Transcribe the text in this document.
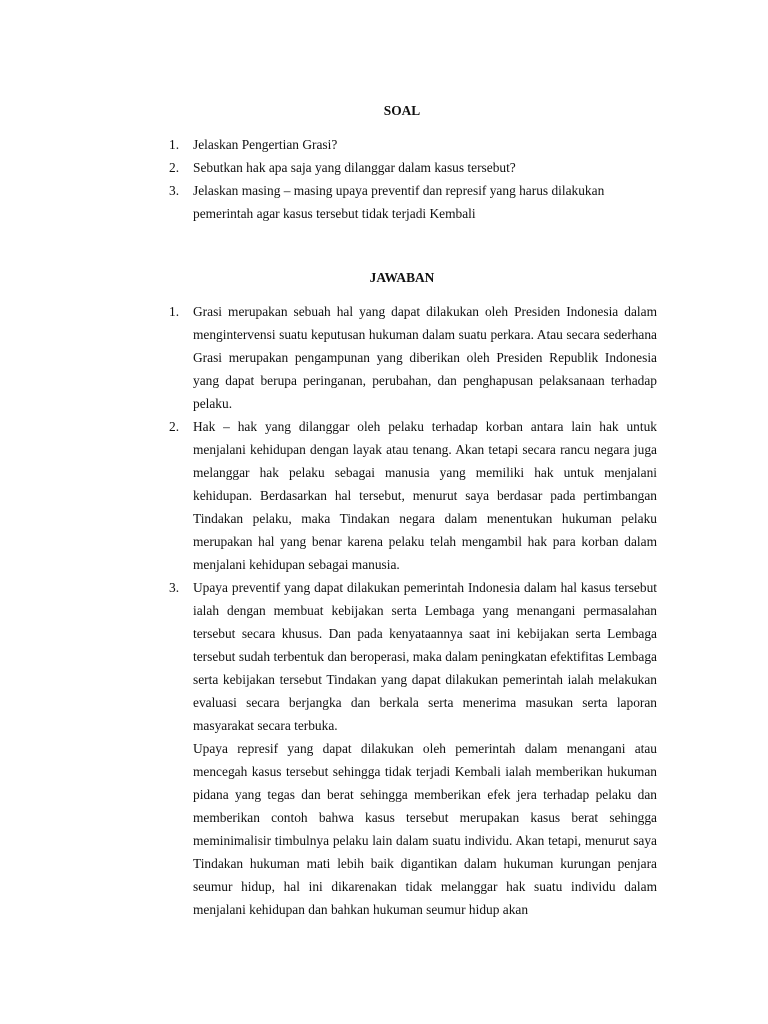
SOAL
1.	Jelaskan Pengertian Grasi?
2.	Sebutkan hak apa saja yang dilanggar dalam kasus tersebut?
3.	Jelaskan masing – masing upaya preventif dan represif yang harus dilakukan pemerintah agar kasus tersebut tidak terjadi Kembali
JAWABAN
1.	Grasi merupakan sebuah hal yang dapat dilakukan oleh Presiden Indonesia dalam mengintervensi suatu keputusan hukuman dalam suatu perkara. Atau secara sederhana Grasi merupakan pengampunan yang diberikan oleh Presiden Republik Indonesia yang dapat berupa peringanan, perubahan, dan penghapusan pelaksanaan terhadap pelaku.
2.	Hak – hak yang dilanggar oleh pelaku terhadap korban antara lain hak untuk menjalani kehidupan dengan layak atau tenang. Akan tetapi secara rancu negara juga melanggar hak pelaku sebagai manusia yang memiliki hak untuk menjalani kehidupan. Berdasarkan hal tersebut, menurut saya berdasar pada pertimbangan Tindakan pelaku, maka Tindakan negara dalam menentukan hukuman pelaku merupakan hal yang benar karena pelaku telah mengambil hak para korban dalam menjalani kehidupan sebagai manusia.
3.	Upaya preventif yang dapat dilakukan pemerintah Indonesia dalam hal kasus tersebut ialah dengan membuat kebijakan serta Lembaga yang menangani permasalahan tersebut secara khusus. Dan pada kenyataannya saat ini kebijakan serta Lembaga tersebut sudah terbentuk dan beroperasi, maka dalam peningkatan efektifitas Lembaga serta kebijakan tersebut Tindakan yang dapat dilakukan pemerintah ialah melakukan evaluasi secara berjangka dan berkala serta menerima masukan serta laporan masyarakat secara terbuka.
Upaya represif yang dapat dilakukan oleh pemerintah dalam menangani atau mencegah kasus tersebut sehingga tidak terjadi Kembali ialah memberikan hukuman pidana yang tegas dan berat sehingga memberikan efek jera terhadap pelaku dan memberikan contoh bahwa kasus tersebut merupakan kasus berat sehingga meminimalisir timbulnya pelaku lain dalam suatu individu. Akan tetapi, menurut saya Tindakan hukuman mati lebih baik digantikan dalam hukuman kurungan penjara seumur hidup, hal ini dikarenakan tidak melanggar hak suatu individu dalam menjalani kehidupan dan bahkan hukuman seumur hidup akan
